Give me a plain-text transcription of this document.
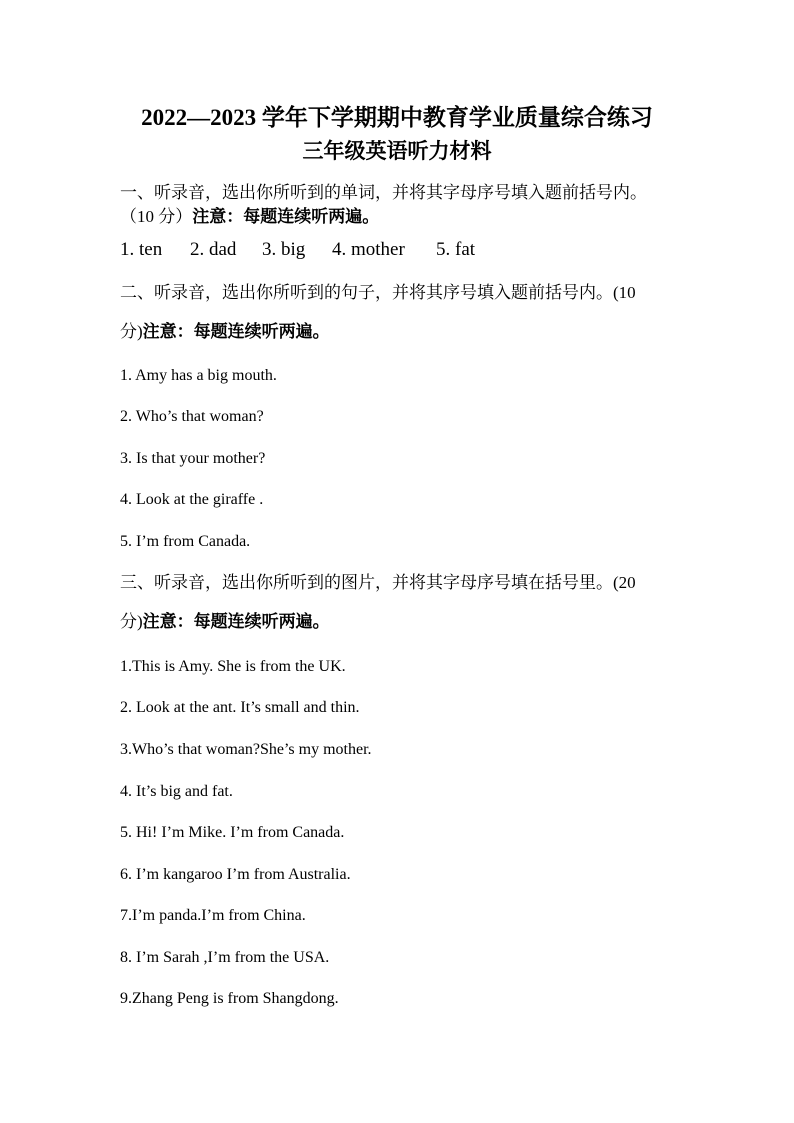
2022—2023 学年下学期期中教育学业质量综合练习
三年级英语听力材料
一、听录音，选出你所听到的单词，并将其字母序号填入题前括号内。
（10 分）注意：每题连续听两遍。
1. ten 2. dad 3. big 4. mother 5. fat
二、听录音，选出你所听到的句子，并将其序号填入题前括号内。(10
分)注意：每题连续听两遍。
1. Amy has a big mouth.
2. Who’s that woman?
3. Is that your mother?
4. Look at the giraffe .
5. I’m from Canada.
三、听录音，选出你所听到的图片，并将其字母序号填在括号里。(20
分)注意：每题连续听两遍。
1.This is Amy. She is from the UK.
2. Look at the ant. It’s small and thin.
3.Who’s that woman?She’s my mother.
4. It’s big and fat.
5. Hi! I’m Mike. I’m from Canada.
6. I’m kangaroo I’m from Australia.
7.I’m panda.I’m from China.
8. I’m Sarah ,I’m from the USA.
9.Zhang Peng is from Shangdong.
